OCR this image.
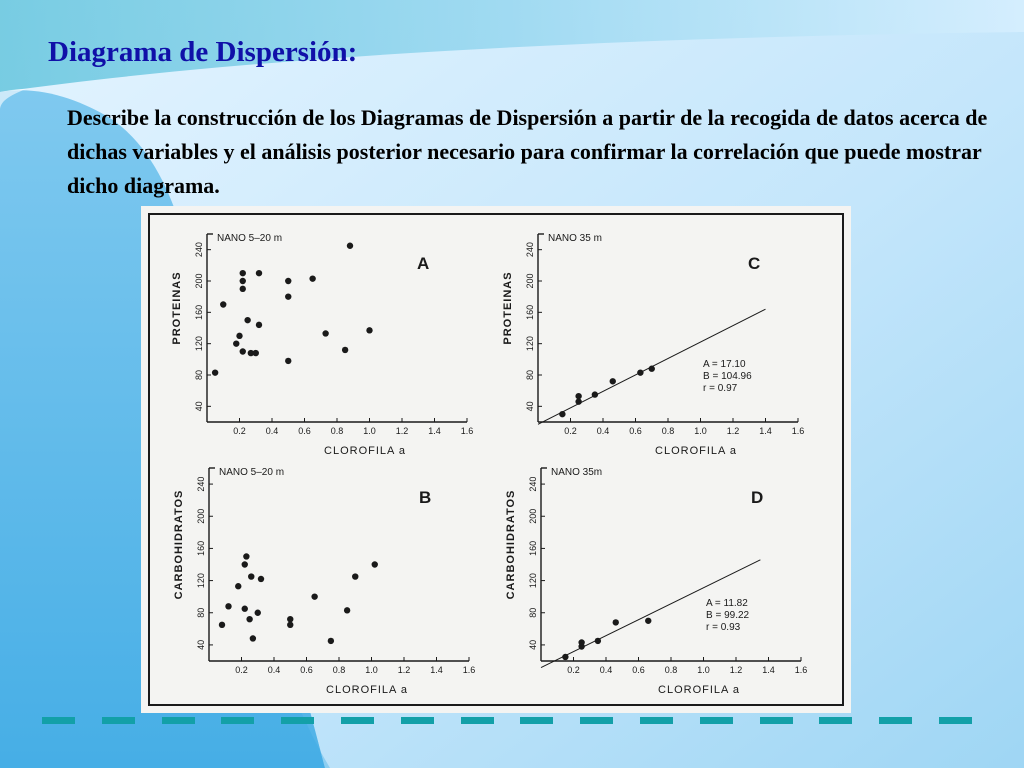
Diagrama de Dispersión:

Describe la construcción de los Diagramas de Dispersión a partir de la recogida de datos acerca de dichas variables y el análisis posterior necesario para confirmar la correlación que puede mostrar dicho diagrama.

0.2 0.4 0.6 0.8 1.0 1.2 1.4 1.6
40
80
120
160
200
240
CLOROFILA a
PROTEINAS
NANO 5–20 m
A
0.2 0.4 0.6 0.8 1.0 1.2 1.4 1.6
40
80
120
160
200
240
CLOROFILA a
PROTEINAS
NANO 35 m
C
A = 17.10
B = 104.96
r = 0.97
0.2 0.4 0.6 0.8 1.0 1.2 1.4 1.6
40
80
120
160
200
240
CLOROFILA a
CARBOHIDRATOS
NANO 5–20 m
B
0.2 0.4 0.6 0.8 1.0 1.2 1.4 1.6
40
80
120
160
200
240
CLOROFILA a
CARBOHIDRATOS
NANO 35m
D
A = 11.82
B = 99.22
r = 0.93
